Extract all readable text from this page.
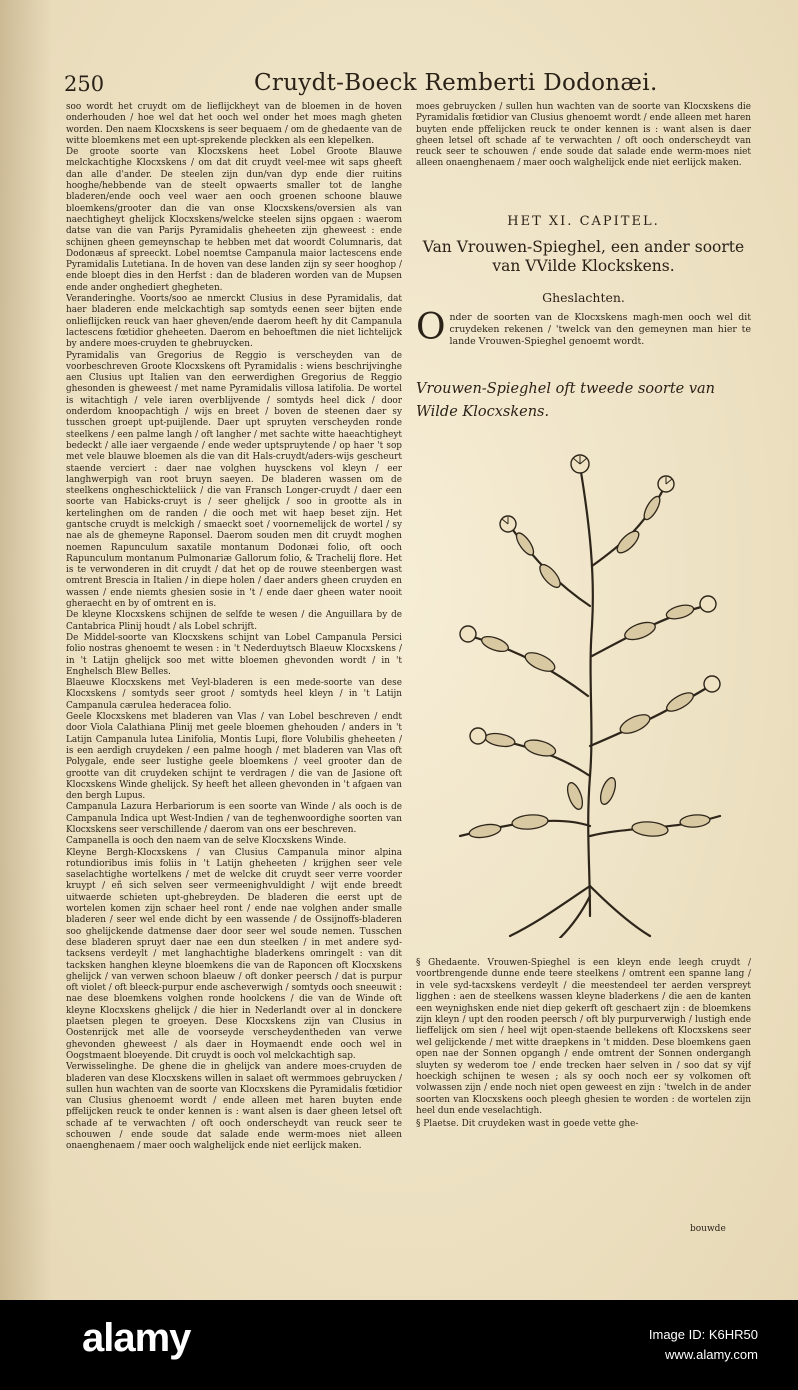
250	Cruydt-Boeck Remberti Dodonæi.

soo wordt het cruydt om de lieflijckheyt van de bloemen in de hoven onderhouden / hoe wel dat het ooch wel onder het moes magh gheten worden. Den naem Klocxskens is seer bequaem / om de ghedaente van de witte bloemkens met een upt-sprekende pleckken als een klepelken.

De groote soorte van Klocxskens heet Lobel Groote Blauwe melckachtighe Klocxskens / om dat dit cruydt veel-mee wit saps gheeft dan alle d'ander. De steelen zijn dun/van dyp ende dier ruitins hooghe/hebbende van de steelt opwaerts smaller tot de langhe bladeren/ende ooch veel waer aen ooch groenen schoone blauwe bloemkens/grooter dan die van onse Klocxskens/oversien als van naechtigheyt ghelijck Klocxskens/welcke steelen sijns opgaen : waerom datse van die van Parijs Pyramidalis gheheeten zijn gheweest : ende schijnen gheen gemeynschap te hebben met dat woordt Columnaris, dat Dodonæus af spreeckt. Lobel noemtse Campanula maior lactescens ende Pyramidalis Lutetiana. In de hoven van dese landen zijn sy seer hooghop / ende bloept dies in den Herfst : dan de bladeren worden van de Mupsen ende ander onghediert ghegheten.

Veranderinghe. Voorts/soo ae nmerckt Clusius in dese Pyramidalis, dat haer bladeren ende melckachtigh sap somtyds eenen seer bijten ende onlieflijcken reuck van haer gheven/ende daerom heeft hy dit Campanula lactescens fœtidior gheheeten. Daerom en behoeftmen die niet lichtelijck by andere moes-cruyden te ghebruycken.

Pyramidalis van Gregorius de Reggio is verscheyden van de voorbeschreven Groote Klocxskens oft Pyramidalis : wiens beschrijvinghe aen Clusius upt Italien van den eerwerdighen Gregorius de Reggio ghesonden is gheweest / met name Pyramidalis villosa latifolia. De wortel is witachtigh / vele iaren overblijvende / somtyds heel dick / door onderdom knoopachtigh / wijs en breet / boven de steenen daer sy tusschen groept upt-puijlende. Daer upt spruyten verscheyden ronde steelkens / een palme langh / oft langher / met sachte witte haeachtigheyt bedeckt / alle iaer vergaende / ende weder uptspruytende / op haer 't sop met vele blauwe bloemen als die van dit Hals-cruydt/aders-wijs gescheurt staende verciert : daer nae volghen huysckens vol kleyn / eer langhwerpigh van root bruyn saeyen. De bladeren wassen om de steelkens ongheschickteliick / die van Fransch Longer-cruydt / daer een soorte van Habicks-cruyt is / seer ghelijck / soo in grootte als in kertelinghen om de randen / die ooch met wit haep beset zijn. Het gantsche cruydt is melckigh / smaeckt soet / voornemelijck de wortel / sy nae als de ghemeyne Raponsel. Daerom souden men dit cruydt moghen noemen Rapunculum saxatile montanum Dodonæi folio, oft ooch Rapunculum montanum Pulmonariæ Gallorum folio, & Trachelij flore. Het is te verwonderen in dit cruydt / dat het op de rouwe steenbergen wast omtrent Brescia in Italien / in diepe holen / daer anders gheen cruyden en wassen / ende niemts ghesien sosie in 't / ende daer gheen water nooit gheraecht en by of omtrent en is.

De kleyne Klocxskens schijnen de selfde te wesen / die Anguillara by de Cantabrica Plinij houdt / als Lobel schrijft.

De Middel-soorte van Klocxskens schijnt van Lobel Campanula Persici folio nostras ghenoemt te wesen : in 't Nederduytsch Blaeuw Klocxskens / in 't Latijn ghelijck soo met witte bloemen ghevonden wordt / in 't Enghelsch Blew Belles.

Blaeuwe Klocxskens met Veyl-bladeren is een mede-soorte van dese Klocxskens / somtyds seer groot / somtyds heel kleyn / in 't Latijn Campanula cærulea hederacea folio.

Geele Klocxskens met bladeren van Vlas / van Lobel beschreven / endt door Viola Calathiana Plinij met geele bloemen ghehouden / anders in 't Latijn Campanula lutea Linifolia, Montis Lupi, flore Volubilis gheheeten / is een aerdigh cruydeken / een palme hoogh / met bladeren van Vlas oft Polygale, ende seer lustighe geele bloemkens / veel grooter dan de grootte van dit cruydeken schijnt te verdragen / die van de Jasione oft Klocxskens Winde ghelijck. Sy heeft het alleen ghevonden in 't afgaen van den bergh Lupus.

Campanula Lazura Herbariorum is een soorte van Winde / als ooch is de Campanula Indica upt West-Indien / van de teghenwoordighe soorten van Klocxskens seer verschillende / daerom van ons eer beschreven.

Campanella is ooch den naem van de selve Klocxskens Winde.

Kleyne Bergh-Klocxskens / van Clusius Campanula minor alpina rotundioribus imis foliis in 't Latijn gheheeten / krijghen seer vele saselachtighe wortelkens / met de welcke dit cruydt seer verre voorder kruypt / eñ sich selven seer vermeenighvuldight / wijt ende breedt uitwaerde schieten upt-ghebreyden. De bladeren die eerst upt de wortelen komen zijn schaer heel ront / ende nae volghen ander smalle bladeren / seer wel ende dicht by een wassende / de Ossijnoffs-bladeren soo ghelijckende datmense daer door seer wel soude nemen. Tusschen dese bladeren spruyt daer nae een dun steelken / in met andere syd-tacksens verdeylt / met langhachtighe bladerkens omringelt : van dit tacksken hanghen kleyne bloemkens die van de Raponcen oft Klocxskens ghelijck / van verwen schoon blaeuw / oft donker peersch / dat is purpur oft violet / oft bleeck-purpur ende ascheverwigh / somtyds ooch sneeuwit : nae dese bloemkens volghen ronde hoolckens / die van de Winde oft kleyne Klocxskens ghelijck / die hier in Nederlandt over al in donckere plaetsen plegen te groeyen. Dese Klocxskens zijn van Clusius in Oostenrijck met alle de voorseyde verscheydentheden van verwe ghevonden gheweest / als daer in Hoymaendt ende ooch wel in Oogstmaent bloeyende. Dit cruydt is ooch vol melckachtigh sap.

Verwisselinghe. De ghene die in ghelijck van andere moes-cruyden de bladeren van dese Klocxskens willen in salaet oft wermmoes gebruycken / sullen hun wachten van de soorte van Klocxskens die Pyramidalis fœtidior van Clusius ghenoemt wordt / ende alleen met haren buyten ende pffelijcken reuck te onder kennen is : want alsen is daer gheen letsel oft schade af te verwachten / oft ooch onderscheydt van reuck seer te schouwen / ende soude dat salade ende werm-moes niet alleen onaenghenaem / maer ooch walghelijck ende niet eerlijck maken.

moes gebruycken / sullen hun wachten van de soorte van Klocxskens die Pyramidalis fœtidior van Clusius ghenoemt wordt / ende alleen met haren buyten ende pffelijcken reuck te onder kennen is : want alsen is daer gheen letsel oft schade af te verwachten / oft ooch onderscheydt van reuck seer te schouwen / ende soude dat salade ende werm-moes niet alleen onaenghenaem / maer ooch walghelijck ende niet eerlijck maken.

HET XI. CAPITEL.
Van Vrouwen-Spieghel, een ander soorte
van VVilde Klockskens.
Gheslachten.
O nder de soorten van de Klocxskens magh-men ooch wel dit cruydeken rekenen / 'twelck van den gemeynen man hier te lande Vrouwen-Spieghel genoemt wordt.
Vrouwen-Spieghel oft tweede soorte van
Wilde Klocxskens.

§ Ghedaente. Vrouwen-Spieghel is een kleyn ende leegh cruydt / voortbrengende dunne ende teere steelkens / omtrent een spanne lang / in vele syd-tacxskens verdeylt / die meestendeel ter aerden verspreyt ligghen : aen de steelkens wassen kleyne bladerkens / die aen de kanten een weynighsken ende niet diep gekerft oft geschaert zijn : de bloemkens zijn kleyn / upt den rooden peersch / oft bly purpurverwigh / lustigh ende lieffelijck om sien / heel wijt open-staende bellekens oft Klocxskens seer wel gelijckende / met witte draepkens in 't midden. Dese bloemkens gaen open nae der Sonnen opgangh / ende omtrent der Sonnen ondergangh sluyten sy wederom toe / ende trecken haer selven in / soo dat sy vijf hoeckigh schijnen te wesen ; als sy ooch noch eer sy volkomen oft volwassen zijn / ende noch niet open geweest en zijn : 'twelch in de ander soorten van Klocxskens ooch pleegh ghesien te worden : de wortelen zijn heel dun ende veselachtigh.

§ Plaetse. Dit cruydeken wast in goede vette ghe-

bouwde
alamy	Image ID: K6HR50
www.alamy.com
